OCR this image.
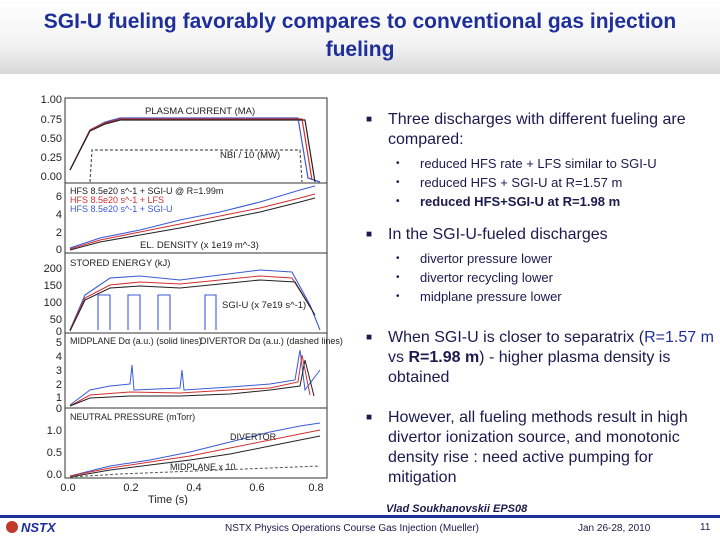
SGI-U fueling favorably compares to conventional gas injection fueling
1.00
0.75
0.50
0.25
0.00
6
4
2
0
200
150
100
50
0
5
4
3
2
1
0
1.0
0.5
0.0
0.0	0.2	0.4	0.6	0.8
Time (s)
PLASMA CURRENT (MA)
NBI / 10 (MW)
HFS 8.5e20 s^-1 + SGI-U @ R=1.99m
HFS 8.5e20 s^-1 + LFS
HFS 8.5e20 s^-1 + SGI-U
EL. DENSITY (x 1e19 m^-3)
STORED ENERGY (kJ)
SGI-U (x 7e19 s^-1)
MIDPLANE Dα (a.u.) (solid lines)
DIVERTOR Dα (a.u.) (dashed lines)
NEUTRAL PRESSURE (mTorr)
DIVERTOR
MIDPLANE x 10
■ Three discharges with different fueling are compared:
• reduced HFS rate + LFS similar to SGI-U
• reduced HFS + SGI-U at R=1.57 m
• reduced HFS+SGI-U at R=1.98 m
■ In the SGI-U-fueled discharges
• divertor pressure lower
• divertor recycling lower
• midplane pressure lower
■ When SGI-U is closer to separatrix (R=1.57 m vs R=1.98 m) - higher plasma density is obtained
■ However, all fueling methods result in high divertor ionization source, and monotonic density rise : need active pumping for mitigation
Vlad Soukhanovskii EPS08
NSTX	NSTX Physics Operations Course Gas Injection (Mueller)	Jan 26-28, 2010	11
